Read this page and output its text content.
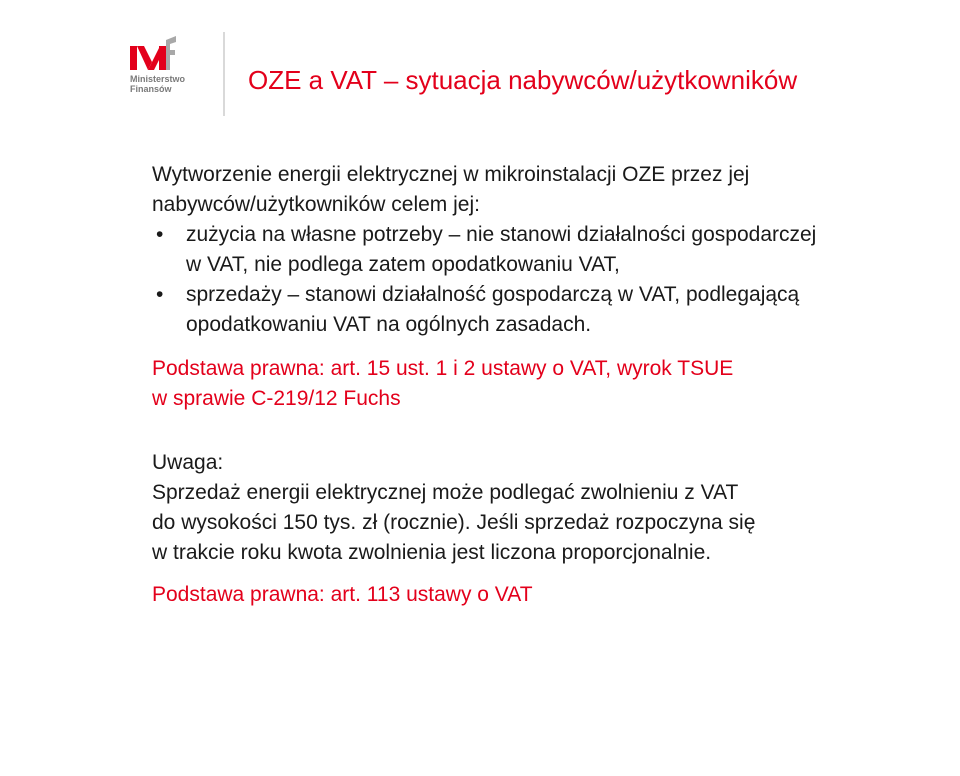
Ministerstwo
Finansów	OZE a VAT – sytuacja nabywców/użytkowników

Wytworzenie energii elektrycznej w mikroinstalacji OZE przez jej
nabywców/użytkowników celem jej:

• zużycia na własne potrzeby – nie stanowi działalności gospodarczej
w VAT, nie podlega zatem opodatkowaniu VAT,
• sprzedaży – stanowi działalność gospodarczą w VAT, podlegającą
opodatkowaniu VAT na ogólnych zasadach.

Podstawa prawna: art. 15 ust. 1 i 2 ustawy o VAT, wyrok TSUE
w sprawie C-219/12 Fuchs

Uwaga:
Sprzedaż energii elektrycznej może podlegać zwolnieniu z VAT
do wysokości 150 tys. zł (rocznie). Jeśli sprzedaż rozpoczyna się
w trakcie roku kwota zwolnienia jest liczona proporcjonalnie.

Podstawa prawna: art. 113 ustawy o VAT
